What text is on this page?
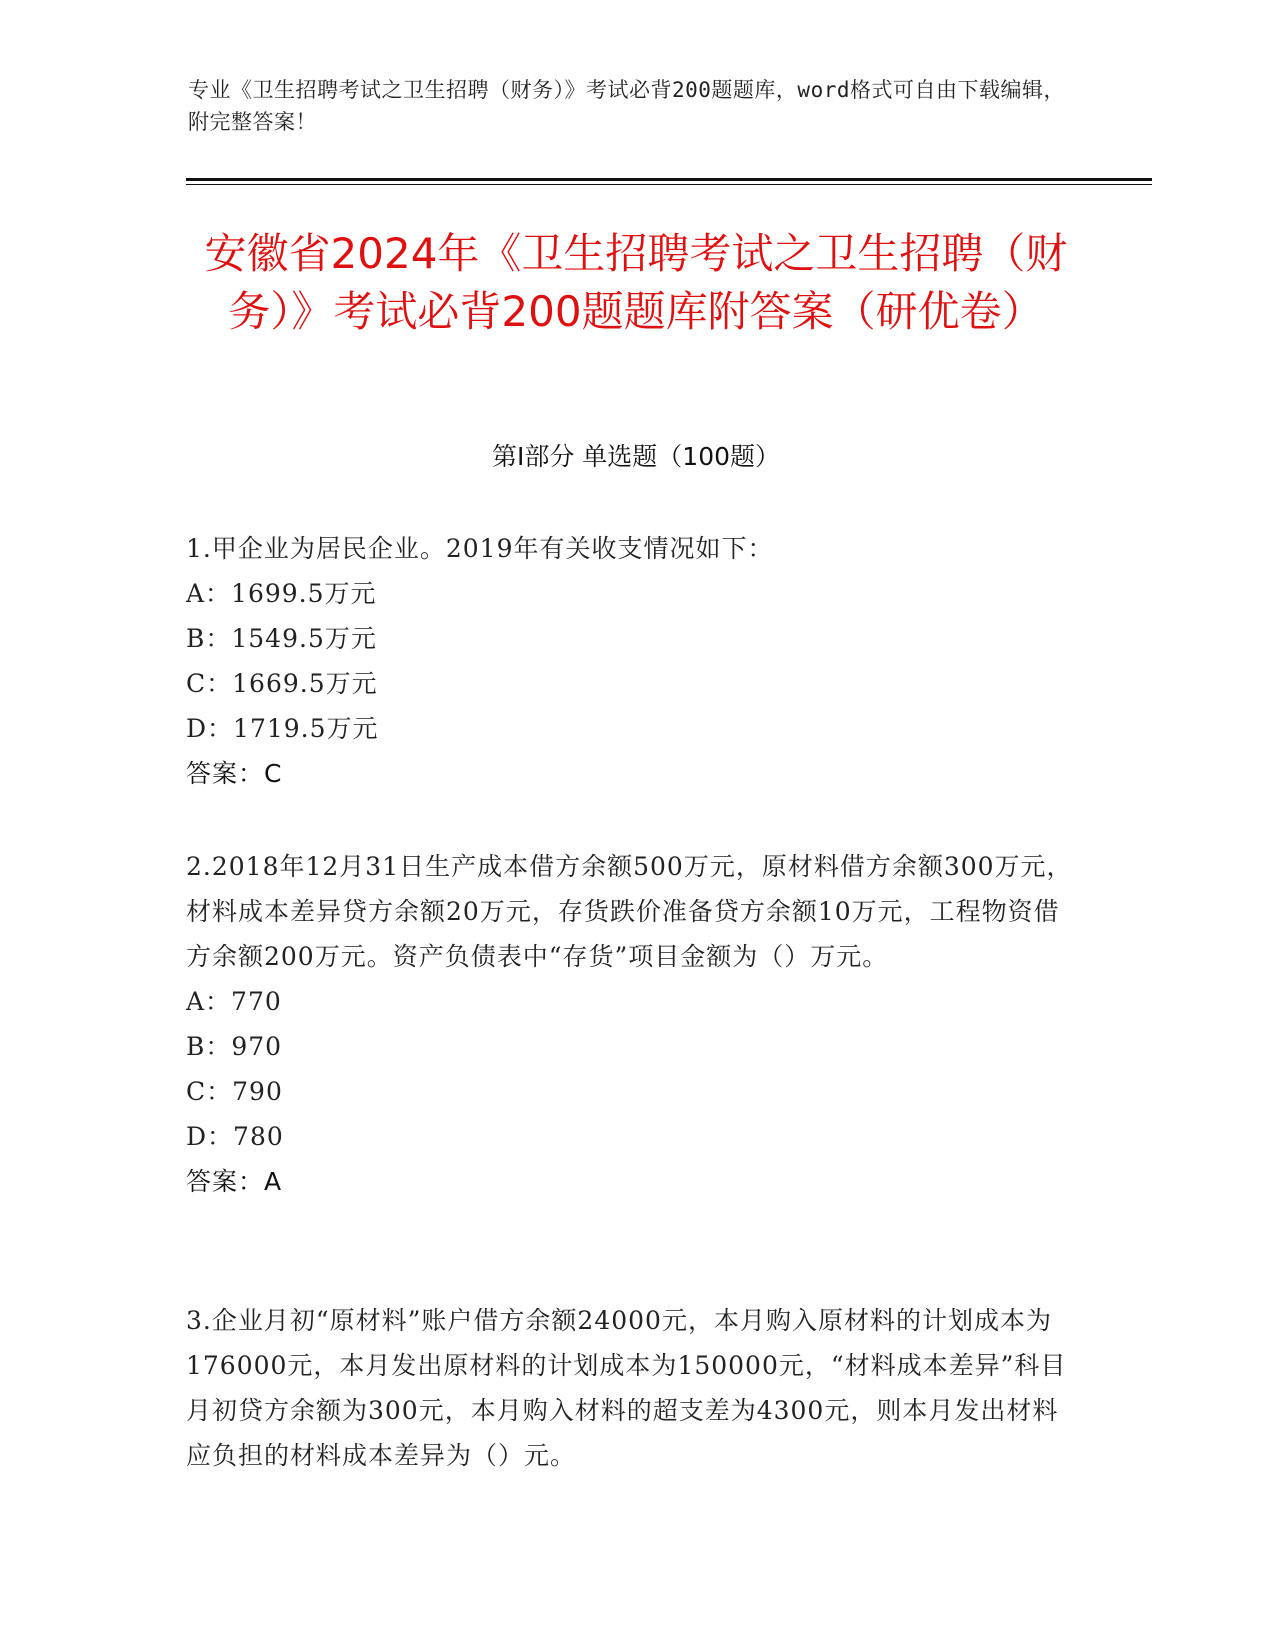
专业《卫生招聘考试之卫生招聘（财务）》考试必背200题题库，word格式可自由下载编辑，附完整答案！
安徽省2024年《卫生招聘考试之卫生招聘（财务）》考试必背200题题库附答案（研优卷）
第I部分 单选题（100题）

1.甲企业为居民企业。2019年有关收支情况如下：

A：1699.5万元

B：1549.5万元

C：1669.5万元

D：1719.5万元

答案：C

2.2018年12月31日生产成本借方余额500万元，原材料借方余额300万元，材料成本差异贷方余额20万元，存货跌价准备贷方余额10万元，工程物资借方余额200万元。资产负债表中“存货”项目金额为（）万元。

A：770

B：970

C：790

D：780

答案：A

3.企业月初“原材料”账户借方余额24000元，本月购入原材料的计划成本为176000元，本月发出原材料的计划成本为150000元，“材料成本差异”科目月初贷方余额为300元，本月购入材料的超支差为4300元，则本月发出材料应负担的材料成本差异为（）元。
